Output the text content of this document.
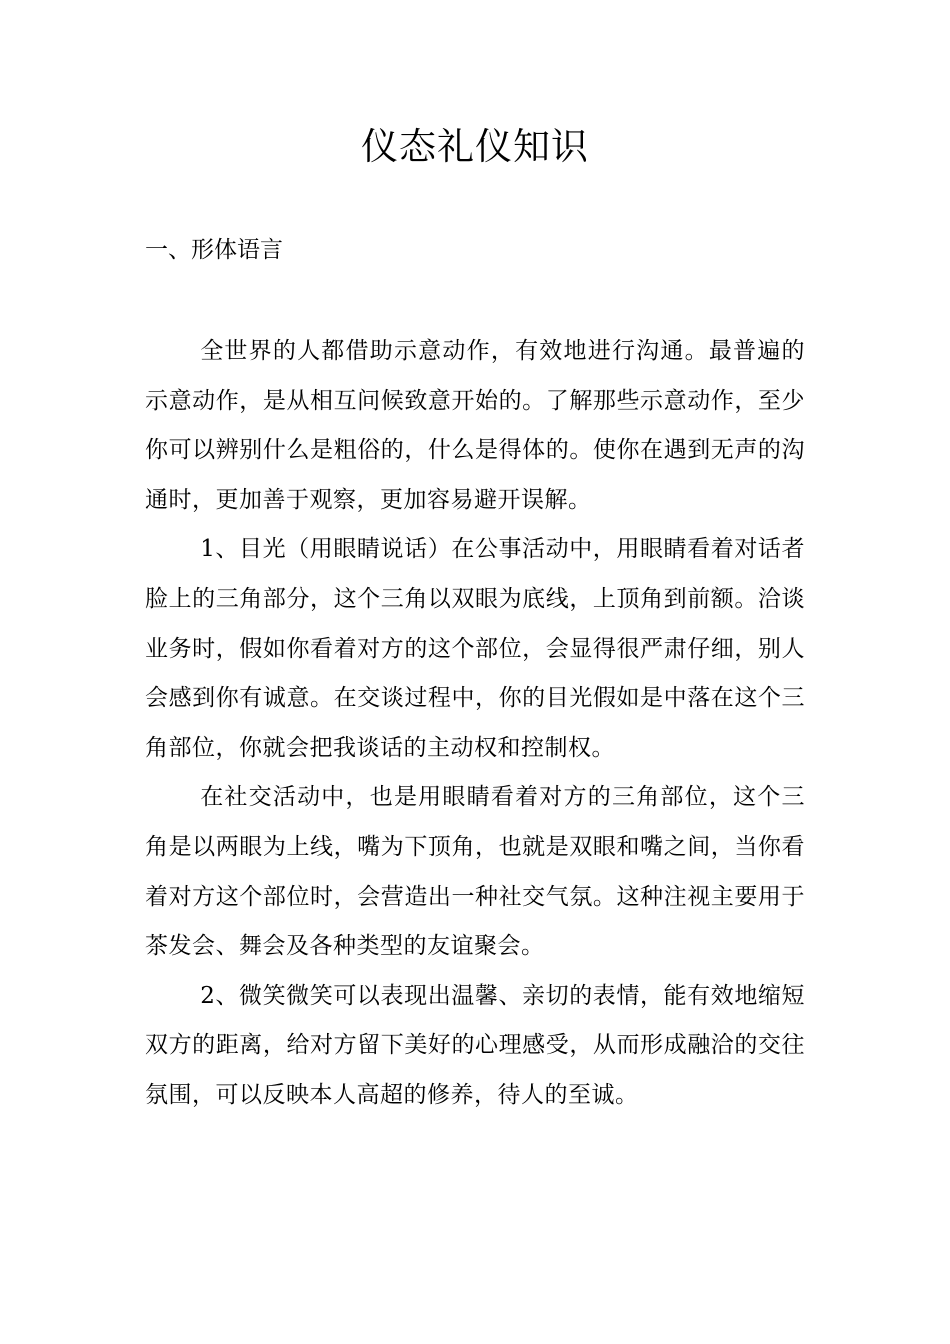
仪态礼仪知识
一、形体语言

全世界的人都借助示意动作，有效地进行沟通。最普遍的示意动作，是从相互问候致意开始的。了解那些示意动作，至少你可以辨别什么是粗俗的，什么是得体的。使你在遇到无声的沟通时，更加善于观察，更加容易避开误解。

1、目光（用眼睛说话）在公事活动中，用眼睛看着对话者脸上的三角部分，这个三角以双眼为底线，上顶角到前额。洽谈业务时，假如你看着对方的这个部位，会显得很严肃仔细，别人会感到你有诚意。在交谈过程中，你的目光假如是中落在这个三角部位，你就会把我谈话的主动权和控制权。

在社交活动中，也是用眼睛看着对方的三角部位，这个三角是以两眼为上线，嘴为下顶角，也就是双眼和嘴之间，当你看着对方这个部位时，会营造出一种社交气氛。这种注视主要用于茶发会、舞会及各种类型的友谊聚会。

2、微笑微笑可以表现出温馨、亲切的表情，能有效地缩短双方的距离，给对方留下美好的心理感受，从而形成融洽的交往氛围，可以反映本人高超的修养，待人的至诚。
